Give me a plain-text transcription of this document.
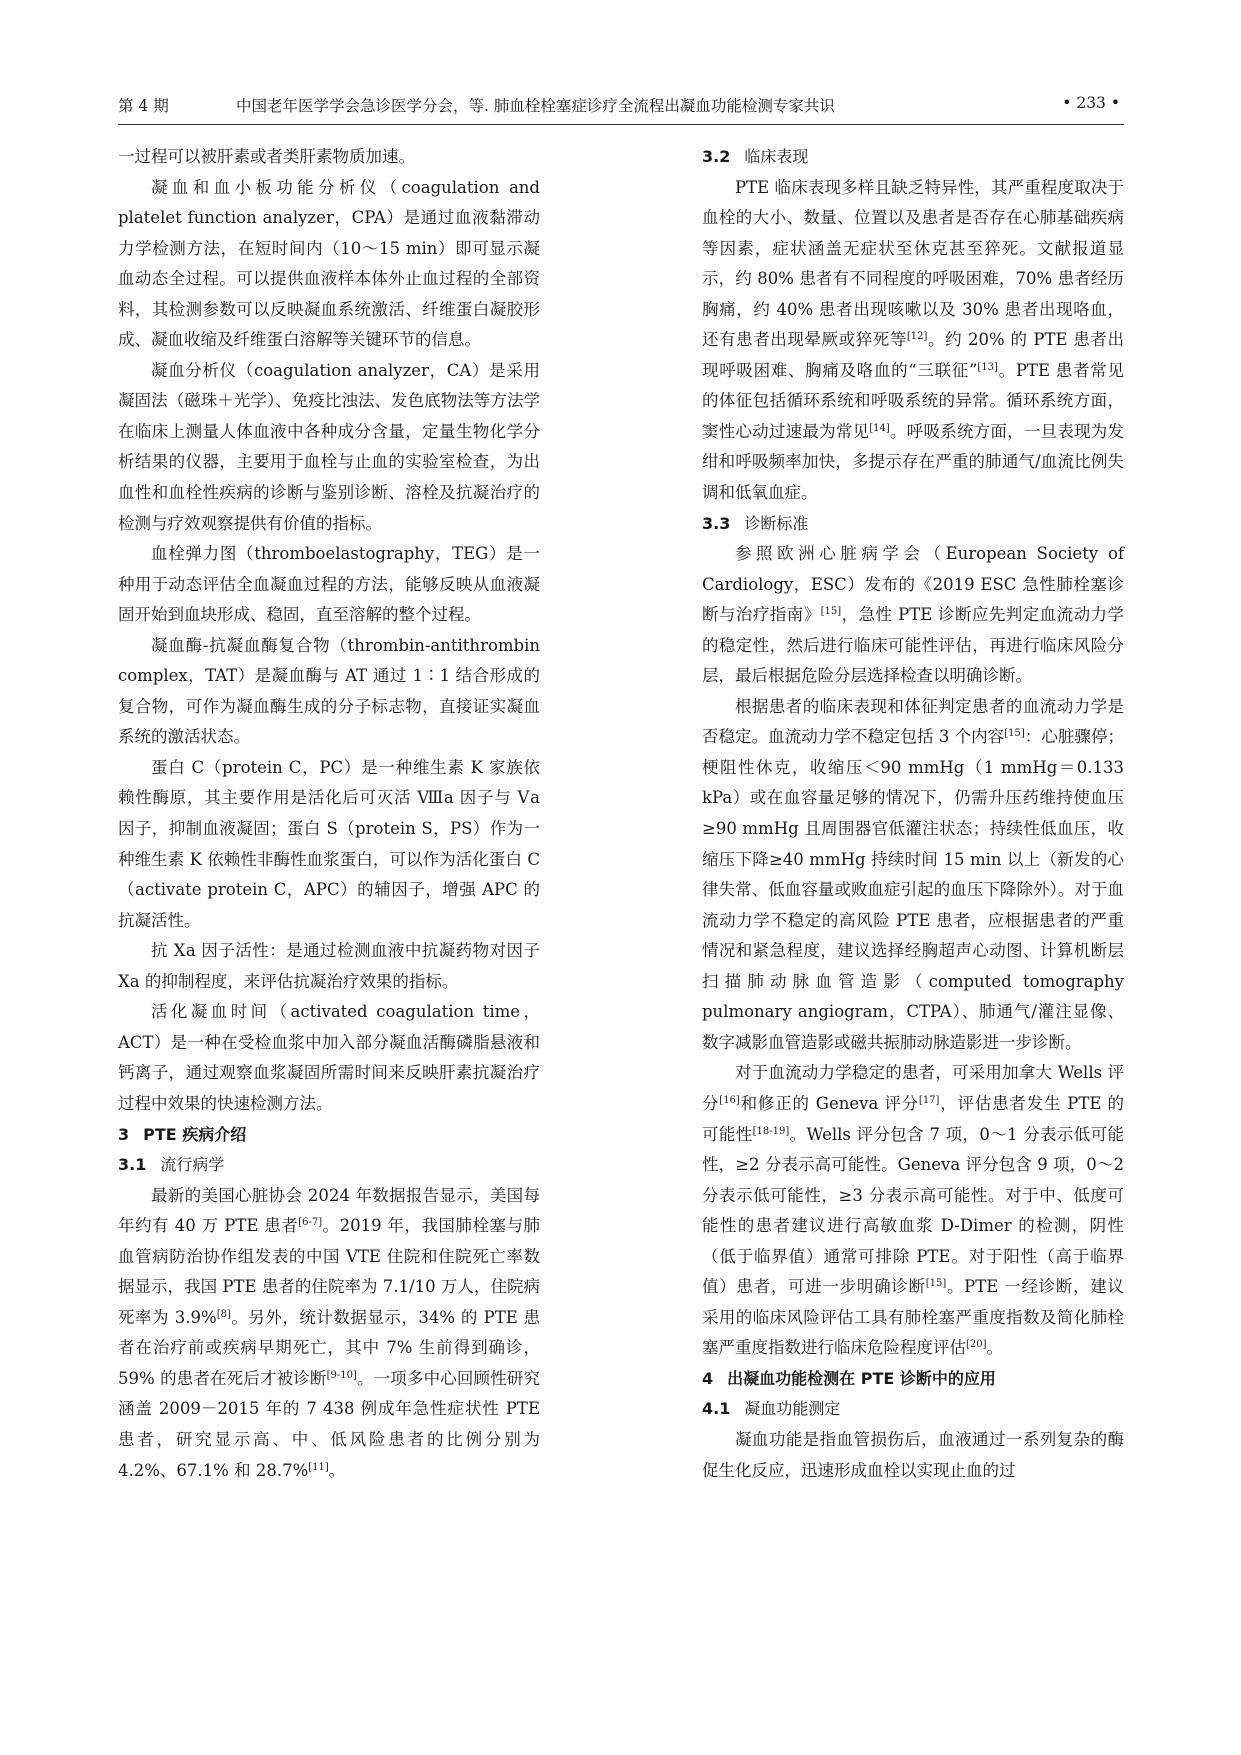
第 4 期	中国老年医学学会急诊医学分会，等. 肺血栓栓塞症诊疗全流程出凝血功能检测专家共识	• 233 •

一过程可以被肝素或者类肝素物质加速。

凝血和血小板功能分析仪（coagulation and platelet function analyzer，CPA）是通过血液黏滞动力学检测方法，在短时间内（10～15 min）即可显示凝血动态全过程。可以提供血液样本体外止血过程的全部资料，其检测参数可以反映凝血系统激活、纤维蛋白凝胶形成、凝血收缩及纤维蛋白溶解等关键环节的信息。

凝血分析仪（coagulation analyzer，CA）是采用凝固法（磁珠＋光学）、免疫比浊法、发色底物法等方法学在临床上测量人体血液中各种成分含量，定量生物化学分析结果的仪器，主要用于血栓与止血的实验室检查，为出血性和血栓性疾病的诊断与鉴别诊断、溶栓及抗凝治疗的检测与疗效观察提供有价值的指标。

血栓弹力图（thromboelastography，TEG）是一种用于动态评估全血凝血过程的方法，能够反映从血液凝固开始到血块形成、稳固，直至溶解的整个过程。

凝血酶-抗凝血酶复合物（thrombin-antithrombin complex，TAT）是凝血酶与 AT 通过 1∶1 结合形成的复合物，可作为凝血酶生成的分子标志物，直接证实凝血系统的激活状态。

蛋白 C（protein C，PC）是一种维生素 K 家族依赖性酶原，其主要作用是活化后可灭活 Ⅷa 因子与 Ⅴa 因子，抑制血液凝固；蛋白 S（protein S，PS）作为一种维生素 K 依赖性非酶性血浆蛋白，可以作为活化蛋白 C（activate protein C，APC）的辅因子，增强 APC 的抗凝活性。

抗 Ⅹa 因子活性：是通过检测血液中抗凝药物对因子 Ⅹa 的抑制程度，来评估抗凝治疗效果的指标。

活化凝血时间（activated coagulation time，ACT）是一种在受检血浆中加入部分凝血活酶磷脂悬液和钙离子，通过观察血浆凝固所需时间来反映肝素抗凝治疗过程中效果的快速检测方法。

3 PTE 疾病介绍
3.1 流行病学

最新的美国心脏协会 2024 年数据报告显示，美国每年约有 40 万 PTE 患者[6-7]。2019 年，我国肺栓塞与肺血管病防治协作组发表的中国 VTE 住院和住院死亡率数据显示，我国 PTE 患者的住院率为 7.1/10 万人，住院病死率为 3.9%[8]。另外，统计数据显示，34% 的 PTE 患者在治疗前或疾病早期死亡，其中 7% 生前得到确诊，59% 的患者在死后才被诊断[9-10]。一项多中心回顾性研究涵盖 2009－2015 年的 7 438 例成年急性症状性 PTE 患者，研究显示高、中、低风险患者的比例分别为 4.2%、67.1% 和 28.7%[11]。

3.2 临床表现

PTE 临床表现多样且缺乏特异性，其严重程度取决于血栓的大小、数量、位置以及患者是否存在心肺基础疾病等因素，症状涵盖无症状至休克甚至猝死。文献报道显示，约 80% 患者有不同程度的呼吸困难，70% 患者经历胸痛，约 40% 患者出现咳嗽以及 30% 患者出现咯血，还有患者出现晕厥或猝死等[12]。约 20% 的 PTE 患者出现呼吸困难、胸痛及咯血的“三联征”[13]。PTE 患者常见的体征包括循环系统和呼吸系统的异常。循环系统方面，窦性心动过速最为常见[14]。呼吸系统方面，一旦表现为发绀和呼吸频率加快，多提示存在严重的肺通气/血流比例失调和低氧血症。

3.3 诊断标准

参照欧洲心脏病学会（European Society of Cardiology，ESC）发布的《2019 ESC 急性肺栓塞诊断与治疗指南》[15]，急性 PTE 诊断应先判定血流动力学的稳定性，然后进行临床可能性评估，再进行临床风险分层，最后根据危险分层选择检查以明确诊断。

根据患者的临床表现和体征判定患者的血流动力学是否稳定。血流动力学不稳定包括 3 个内容[15]：心脏骤停；梗阻性休克，收缩压＜90 mmHg（1 mmHg＝0.133 kPa）或在血容量足够的情况下，仍需升压药维持使血压≥90 mmHg 且周围器官低灌注状态；持续性低血压，收缩压下降≥40 mmHg 持续时间 15 min 以上（新发的心律失常、低血容量或败血症引起的血压下降除外）。对于血流动力学不稳定的高风险 PTE 患者，应根据患者的严重情况和紧急程度，建议选择经胸超声心动图、计算机断层扫描肺动脉血管造影（computed tomography pulmonary angiogram，CTPA）、肺通气/灌注显像、数字减影血管造影或磁共振肺动脉造影进一步诊断。

对于血流动力学稳定的患者，可采用加拿大 Wells 评分[16]和修正的 Geneva 评分[17]，评估患者发生 PTE 的可能性[18-19]。Wells 评分包含 7 项，0～1 分表示低可能性，≥2 分表示高可能性。Geneva 评分包含 9 项，0～2 分表示低可能性，≥3 分表示高可能性。对于中、低度可能性的患者建议进行高敏血浆 D-Dimer 的检测，阴性（低于临界值）通常可排除 PTE。对于阳性（高于临界值）患者，可进一步明确诊断[15]。PTE 一经诊断，建议采用的临床风险评估工具有肺栓塞严重度指数及简化肺栓塞严重度指数进行临床危险程度评估[20]。

4 出凝血功能检测在 PTE 诊断中的应用
4.1 凝血功能测定

凝血功能是指血管损伤后，血液通过一系列复杂的酶促生化反应，迅速形成血栓以实现止血的过
